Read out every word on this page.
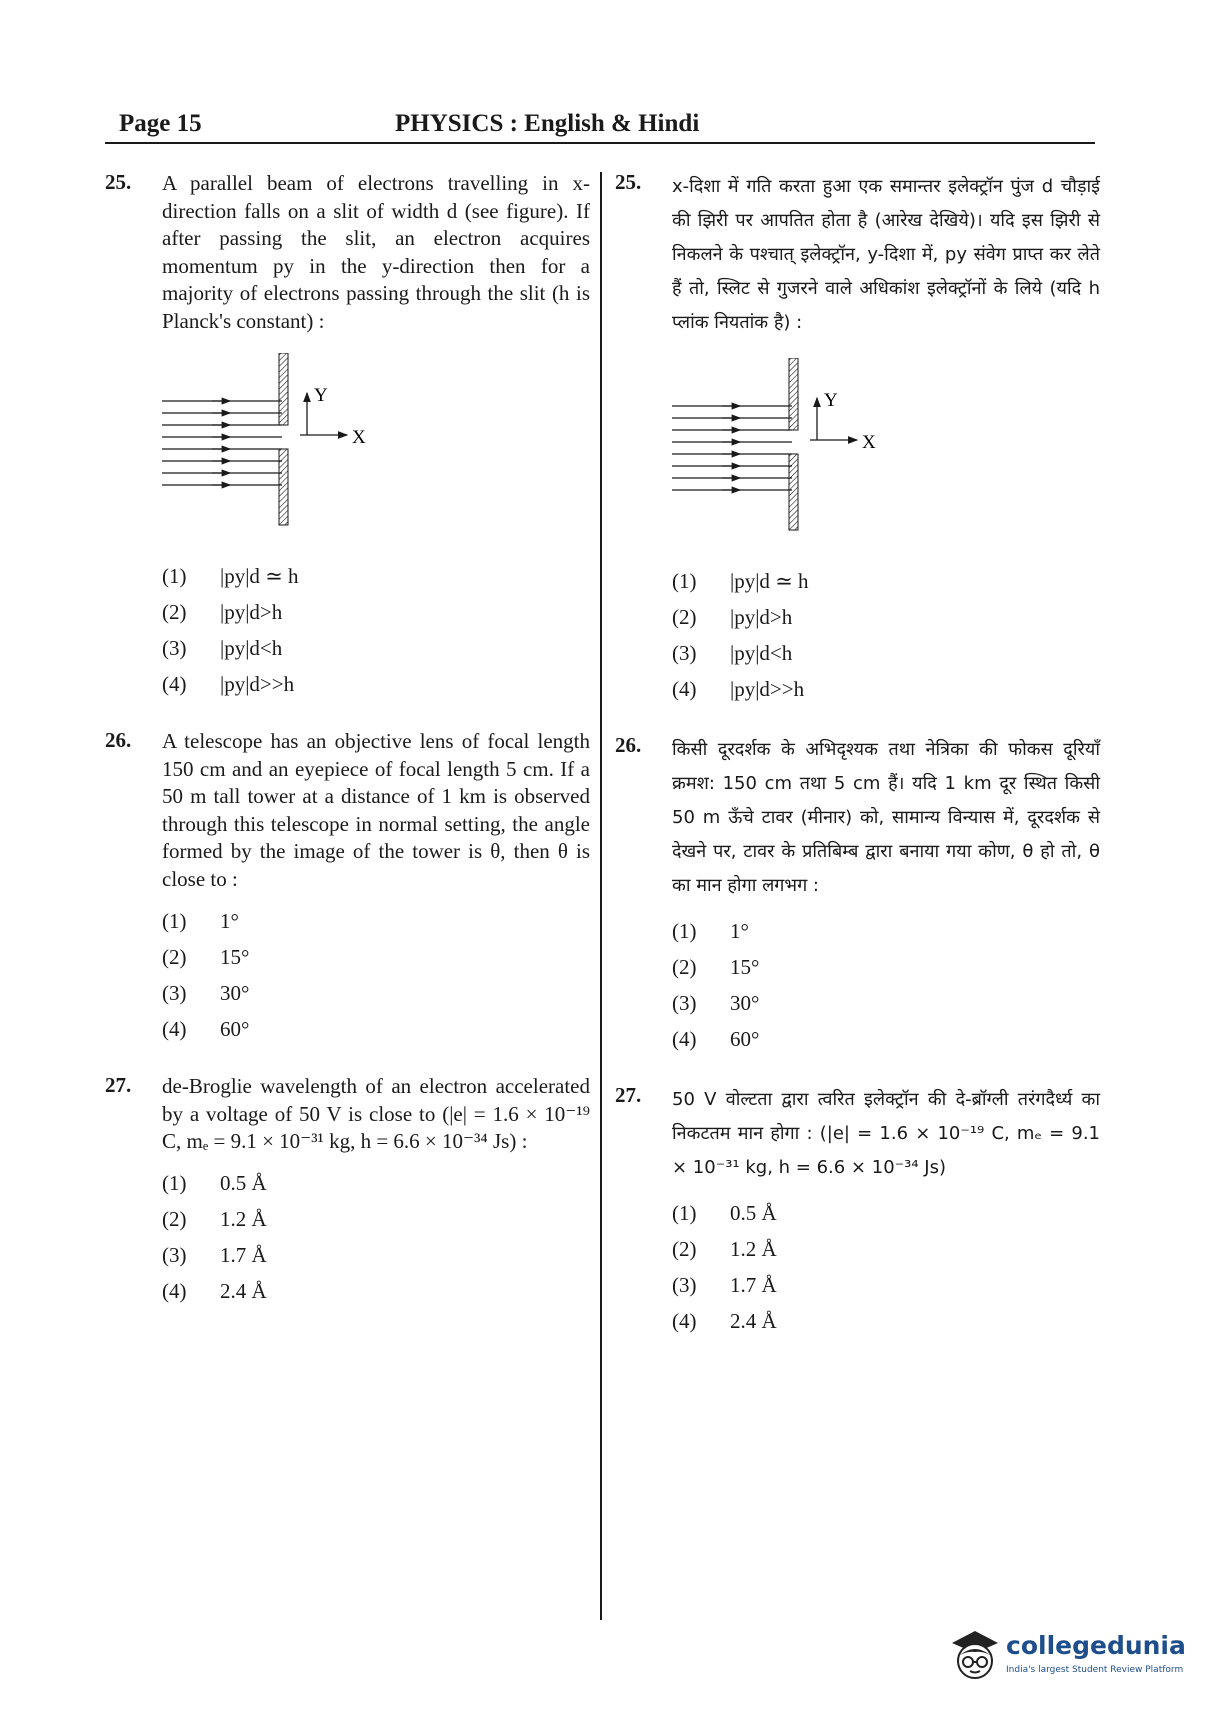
Page 15	PHYSICS : English & Hindi
25. A parallel beam of electrons travelling in x-direction falls on a slit of width d (see figure). If after passing the slit, an electron acquires momentum py in the y-direction then for a majority of electrons passing through the slit (h is Planck's constant) :
Y
X
(1)	|py|d ≃ h
(2)	|py|d>h
(3)	|py|d<h
(4)	|py|d>>h
26. A telescope has an objective lens of focal length 150 cm and an eyepiece of focal length 5 cm. If a 50 m tall tower at a distance of 1 km is observed through this telescope in normal setting, the angle formed by the image of the tower is θ, then θ is close to :
(1)	1°
(2)	15°
(3)	30°
(4)	60°
27. de-Broglie wavelength of an electron accelerated by a voltage of 50 V is close to (|e| = 1.6 × 10⁻¹⁹ C, mₑ = 9.1 × 10⁻³¹ kg, h = 6.6 × 10⁻³⁴ Js) :
(1)	0.5 Å
(2)	1.2 Å
(3)	1.7 Å
(4)	2.4 Å
25. x-दिशा में गति करता हुआ एक समान्तर इलेक्ट्रॉन पुंज d चौड़ाई की झिरी पर आपतित होता है (आरेख देखिये)। यदि इस झिरी से निकलने के पश्चात् इलेक्ट्रॉन, y-दिशा में, py संवेग प्राप्त कर लेते हैं तो, स्लिट से गुजरने वाले अधिकांश इलेक्ट्रॉनों के लिये (यदि h प्लांक नियतांक है) :
Y
X
(1)	|py|d ≃ h
(2)	|py|d>h
(3)	|py|d<h
(4)	|py|d>>h
26. किसी दूरदर्शक के अभिदृश्यक तथा नेत्रिका की फोकस दूरियाँ क्रमश: 150 cm तथा 5 cm हैं। यदि 1 km दूर स्थित किसी 50 m ऊँचे टावर (मीनार) को, सामान्य विन्यास में, दूरदर्शक से देखने पर, टावर के प्रतिबिम्ब द्वारा बनाया गया कोण, θ हो तो, θ का मान होगा लगभग :
(1)	1°
(2)	15°
(3)	30°
(4)	60°
27. 50 V वोल्टता द्वारा त्वरित इलेक्ट्रॉन की दे-ब्रॉग्ली तरंगदैर्ध्य का निकटतम मान होगा : (|e| = 1.6 × 10⁻¹⁹ C, mₑ = 9.1 × 10⁻³¹ kg, h = 6.6 × 10⁻³⁴ Js)
(1)	0.5 Å
(2)	1.2 Å
(3)	1.7 Å
(4)	2.4 Å
collegedunia
India's largest Student Review Platform
